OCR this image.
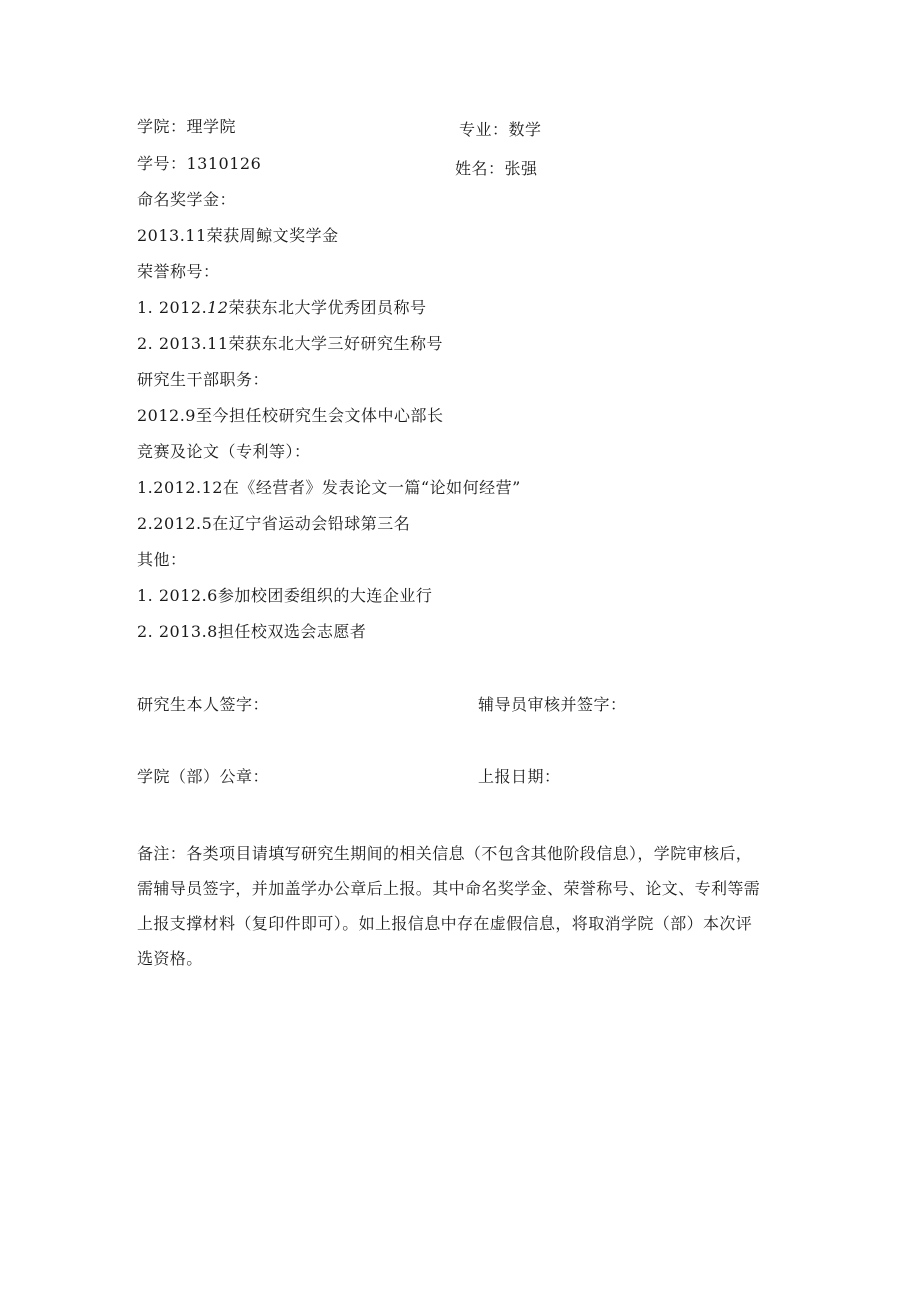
学院：理学院	专业：数学
学号：1310126	姓名：张强
命名奖学金：
2013.11荣获周鲸文奖学金
荣誉称号：
1. 2012.12荣获东北大学优秀团员称号
2. 2013.11荣获东北大学三好研究生称号
研究生干部职务：
2012.9至今担任校研究生会文体中心部长
竞赛及论文（专利等）：
1.2012.12在《经营者》发表论文一篇“论如何经营”
2.2012.5在辽宁省运动会铅球第三名
其他：
1. 2012.6参加校团委组织的大连企业行
2. 2013.8担任校双选会志愿者
研究生本人签字：	辅导员审核并签字：
学院（部）公章：	上报日期：
备注：各类项目请填写研究生期间的相关信息（不包含其他阶段信息），学院审核后，
需辅导员签字，并加盖学办公章后上报。其中命名奖学金、荣誉称号、论文、专利等需
上报支撑材料（复印件即可）。如上报信息中存在虚假信息，将取消学院（部）本次评
选资格。
